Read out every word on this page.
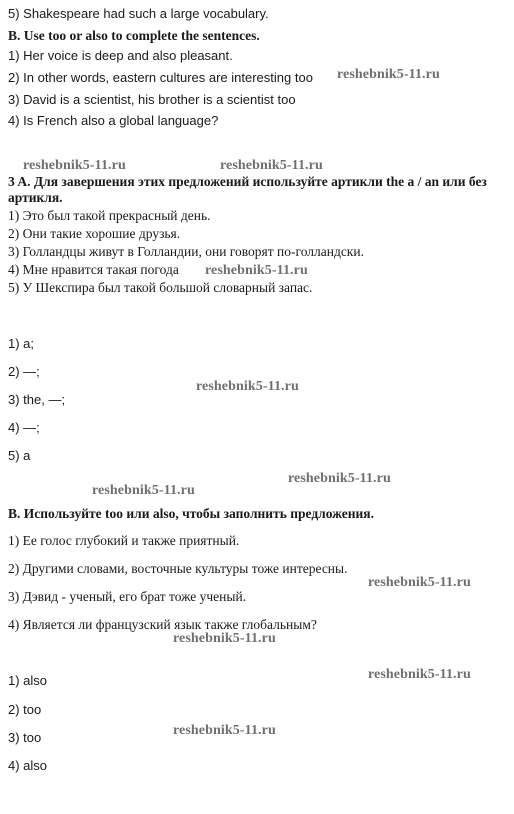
5) Shakespeare had such a large vocabulary.
B. Use too or also to complete the sentences.
1) Her voice is deep and also pleasant.
2) In other words, eastern cultures are interesting too
3) David is a scientist, his brother is a scientist too
4) Is French also a global language?
3 A. Для завершения этих предложений используйте артикли the a / an или без артикля.
1) Это был такой прекрасный день.
2) Они такие хорошие друзья.
3) Голландцы живут в Голландии, они говорят по-голландски.
4) Мне нравится такая погода
5) У Шекспира был такой большой словарный запас.
1) a;
2) —;
3) the, —;
4) —;
5) a
B. Используйте too или also, чтобы заполнить предложения.
1) Ее голос глубокий и также приятный.
2) Другими словами, восточные культуры тоже интересны.
3) Дэвид - ученый, его брат тоже ученый.
4) Является ли французский язык также глобальным?
1) also
2) too
3) too
4) also
reshebnik5-11.ru
reshebnik5-11.ru	reshebnik5-11.ru
reshebnik5-11.ru
reshebnik5-11.ru
reshebnik5-11.ru
reshebnik5-11.ru
reshebnik5-11.ru
reshebnik5-11.ru
reshebnik5-11.ru
reshebnik5-11.ru
